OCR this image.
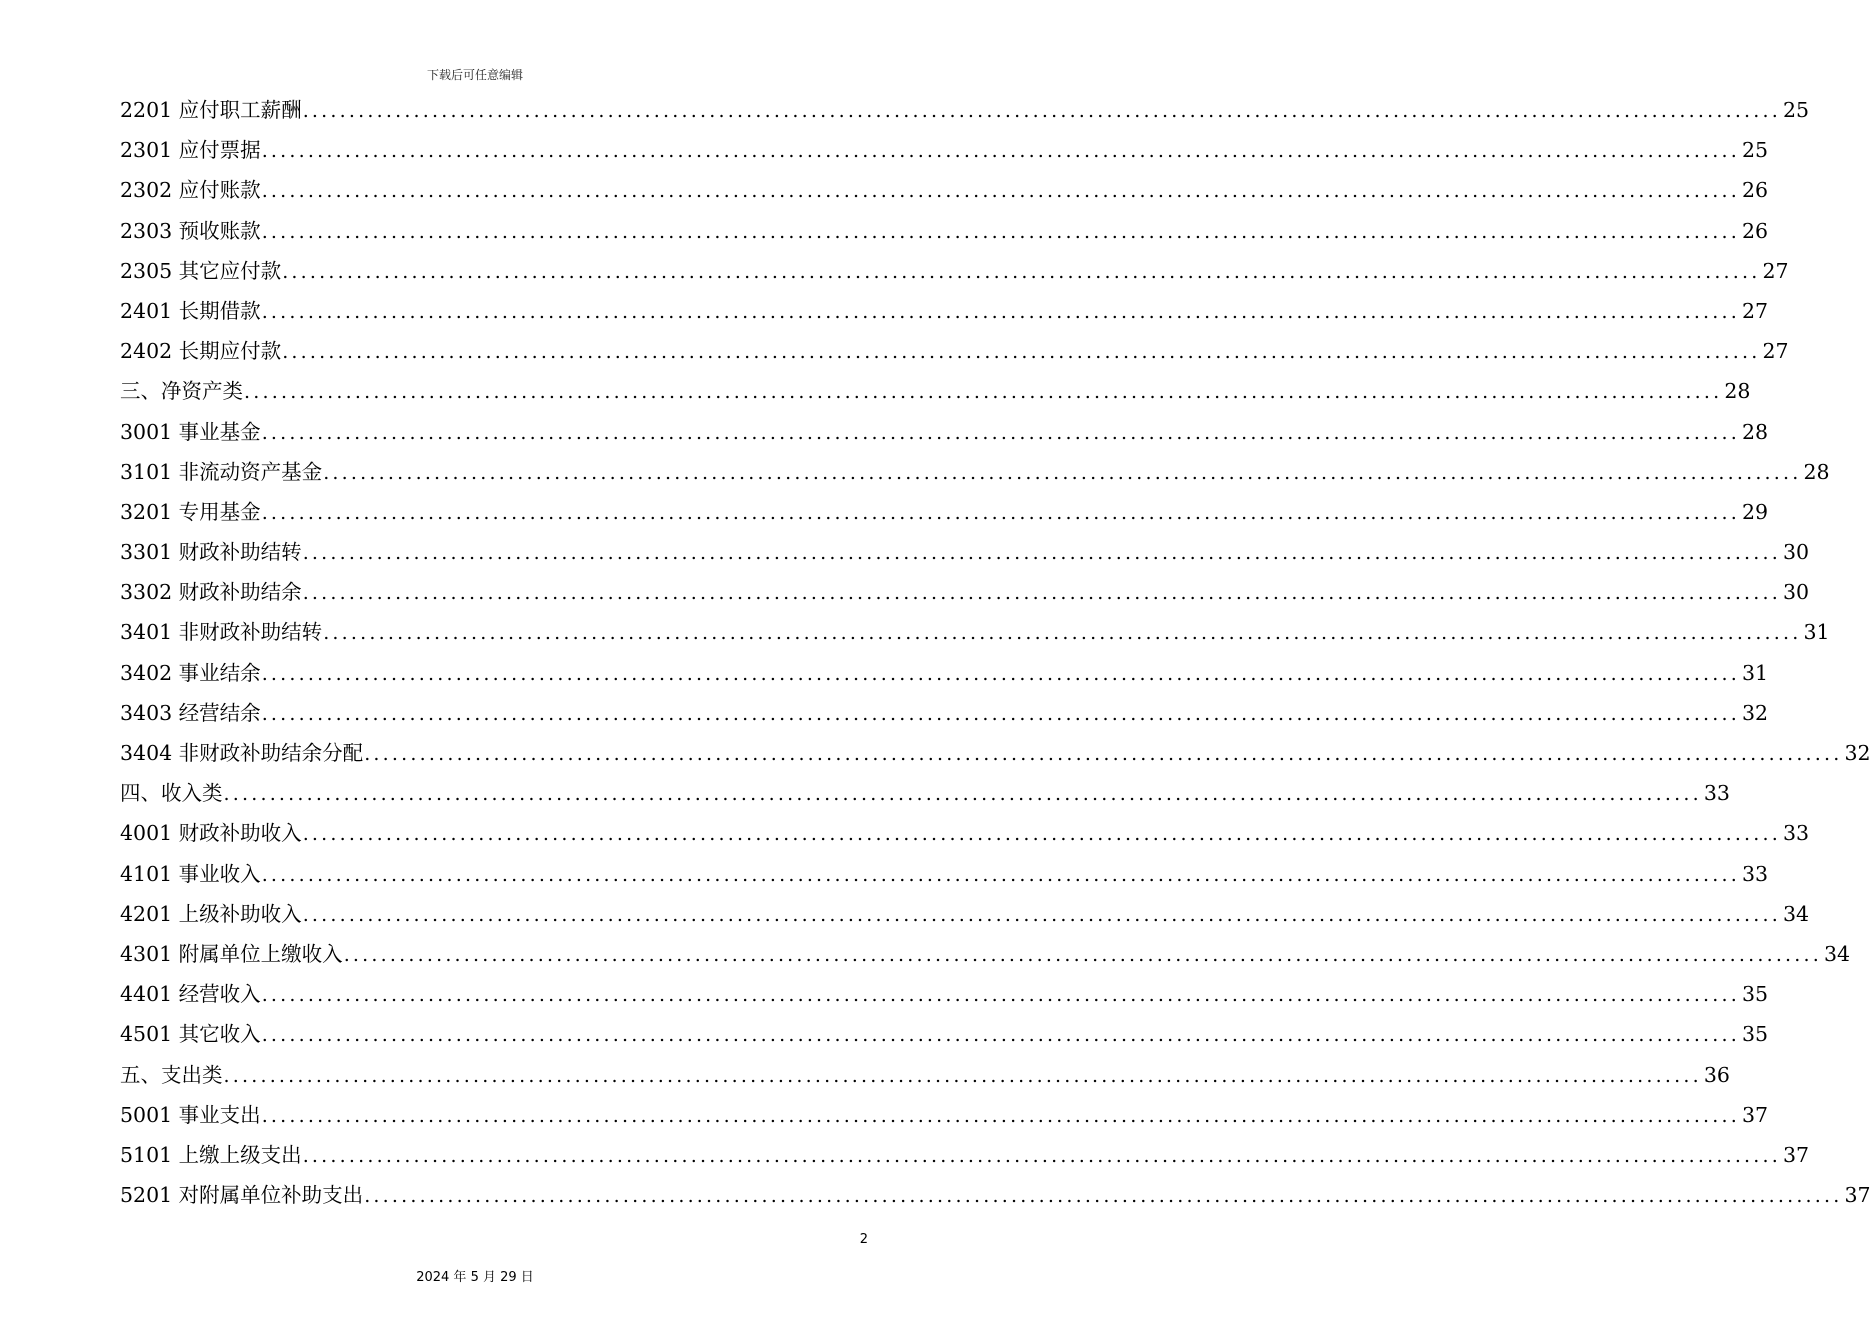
下载后可任意编辑
2201 应付职工薪酬 ................................................................................................................................................................ 25
2301 应付票据 ................................................................................................................................................................ 25
2302 应付账款 ................................................................................................................................................................ 26
2303 预收账款 ................................................................................................................................................................ 26
2305 其它应付款 ................................................................................................................................................................ 27
2401 长期借款 ................................................................................................................................................................ 27
2402 长期应付款 ................................................................................................................................................................ 27
三、净资产类 ................................................................................................................................................................ 28
3001 事业基金 ................................................................................................................................................................ 28
3101 非流动资产基金 ................................................................................................................................................................ 28
3201 专用基金 ................................................................................................................................................................ 29
3301 财政补助结转 ................................................................................................................................................................ 30
3302 财政补助结余 ................................................................................................................................................................ 30
3401 非财政补助结转 ................................................................................................................................................................ 31
3402 事业结余 ................................................................................................................................................................ 31
3403 经营结余 ................................................................................................................................................................ 32
3404 非财政补助结余分配 ................................................................................................................................................................ 32
四、收入类 ................................................................................................................................................................ 33
4001 财政补助收入 ................................................................................................................................................................ 33
4101 事业收入 ................................................................................................................................................................ 33
4201 上级补助收入 ................................................................................................................................................................ 34
4301 附属单位上缴收入 ................................................................................................................................................................ 34
4401 经营收入 ................................................................................................................................................................ 35
4501 其它收入 ................................................................................................................................................................ 35
五、支出类 ................................................................................................................................................................ 36
5001 事业支出 ................................................................................................................................................................ 37
5101 上缴上级支出 ................................................................................................................................................................ 37
5201 对附属单位补助支出 ................................................................................................................................................................ 37
2
2024 年 5 月 29 日
